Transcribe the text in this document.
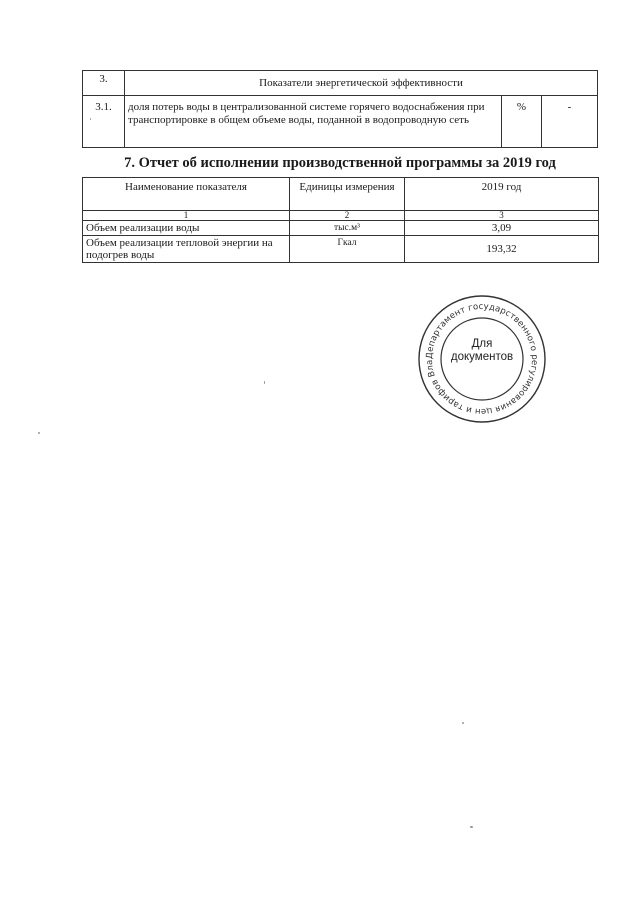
3.	Показатели энергетической эффективности		
3.1.	доля потерь воды в централизованной системе горячего водоснабжения при транспортировке в общем объеме воды, поданной в водопроводную сеть	%	-
7. Отчет об исполнении производственной программы за 2019 год
Наименование показателя	Единицы измерения	2019 год
1	2	3
Объем реализации воды	тыс.м³	3,09
Объем реализации тепловой энергии на подогрев воды	Гкал	193,32
Департамент государственного регулирования цен и тарифов Вла
Для
документов
